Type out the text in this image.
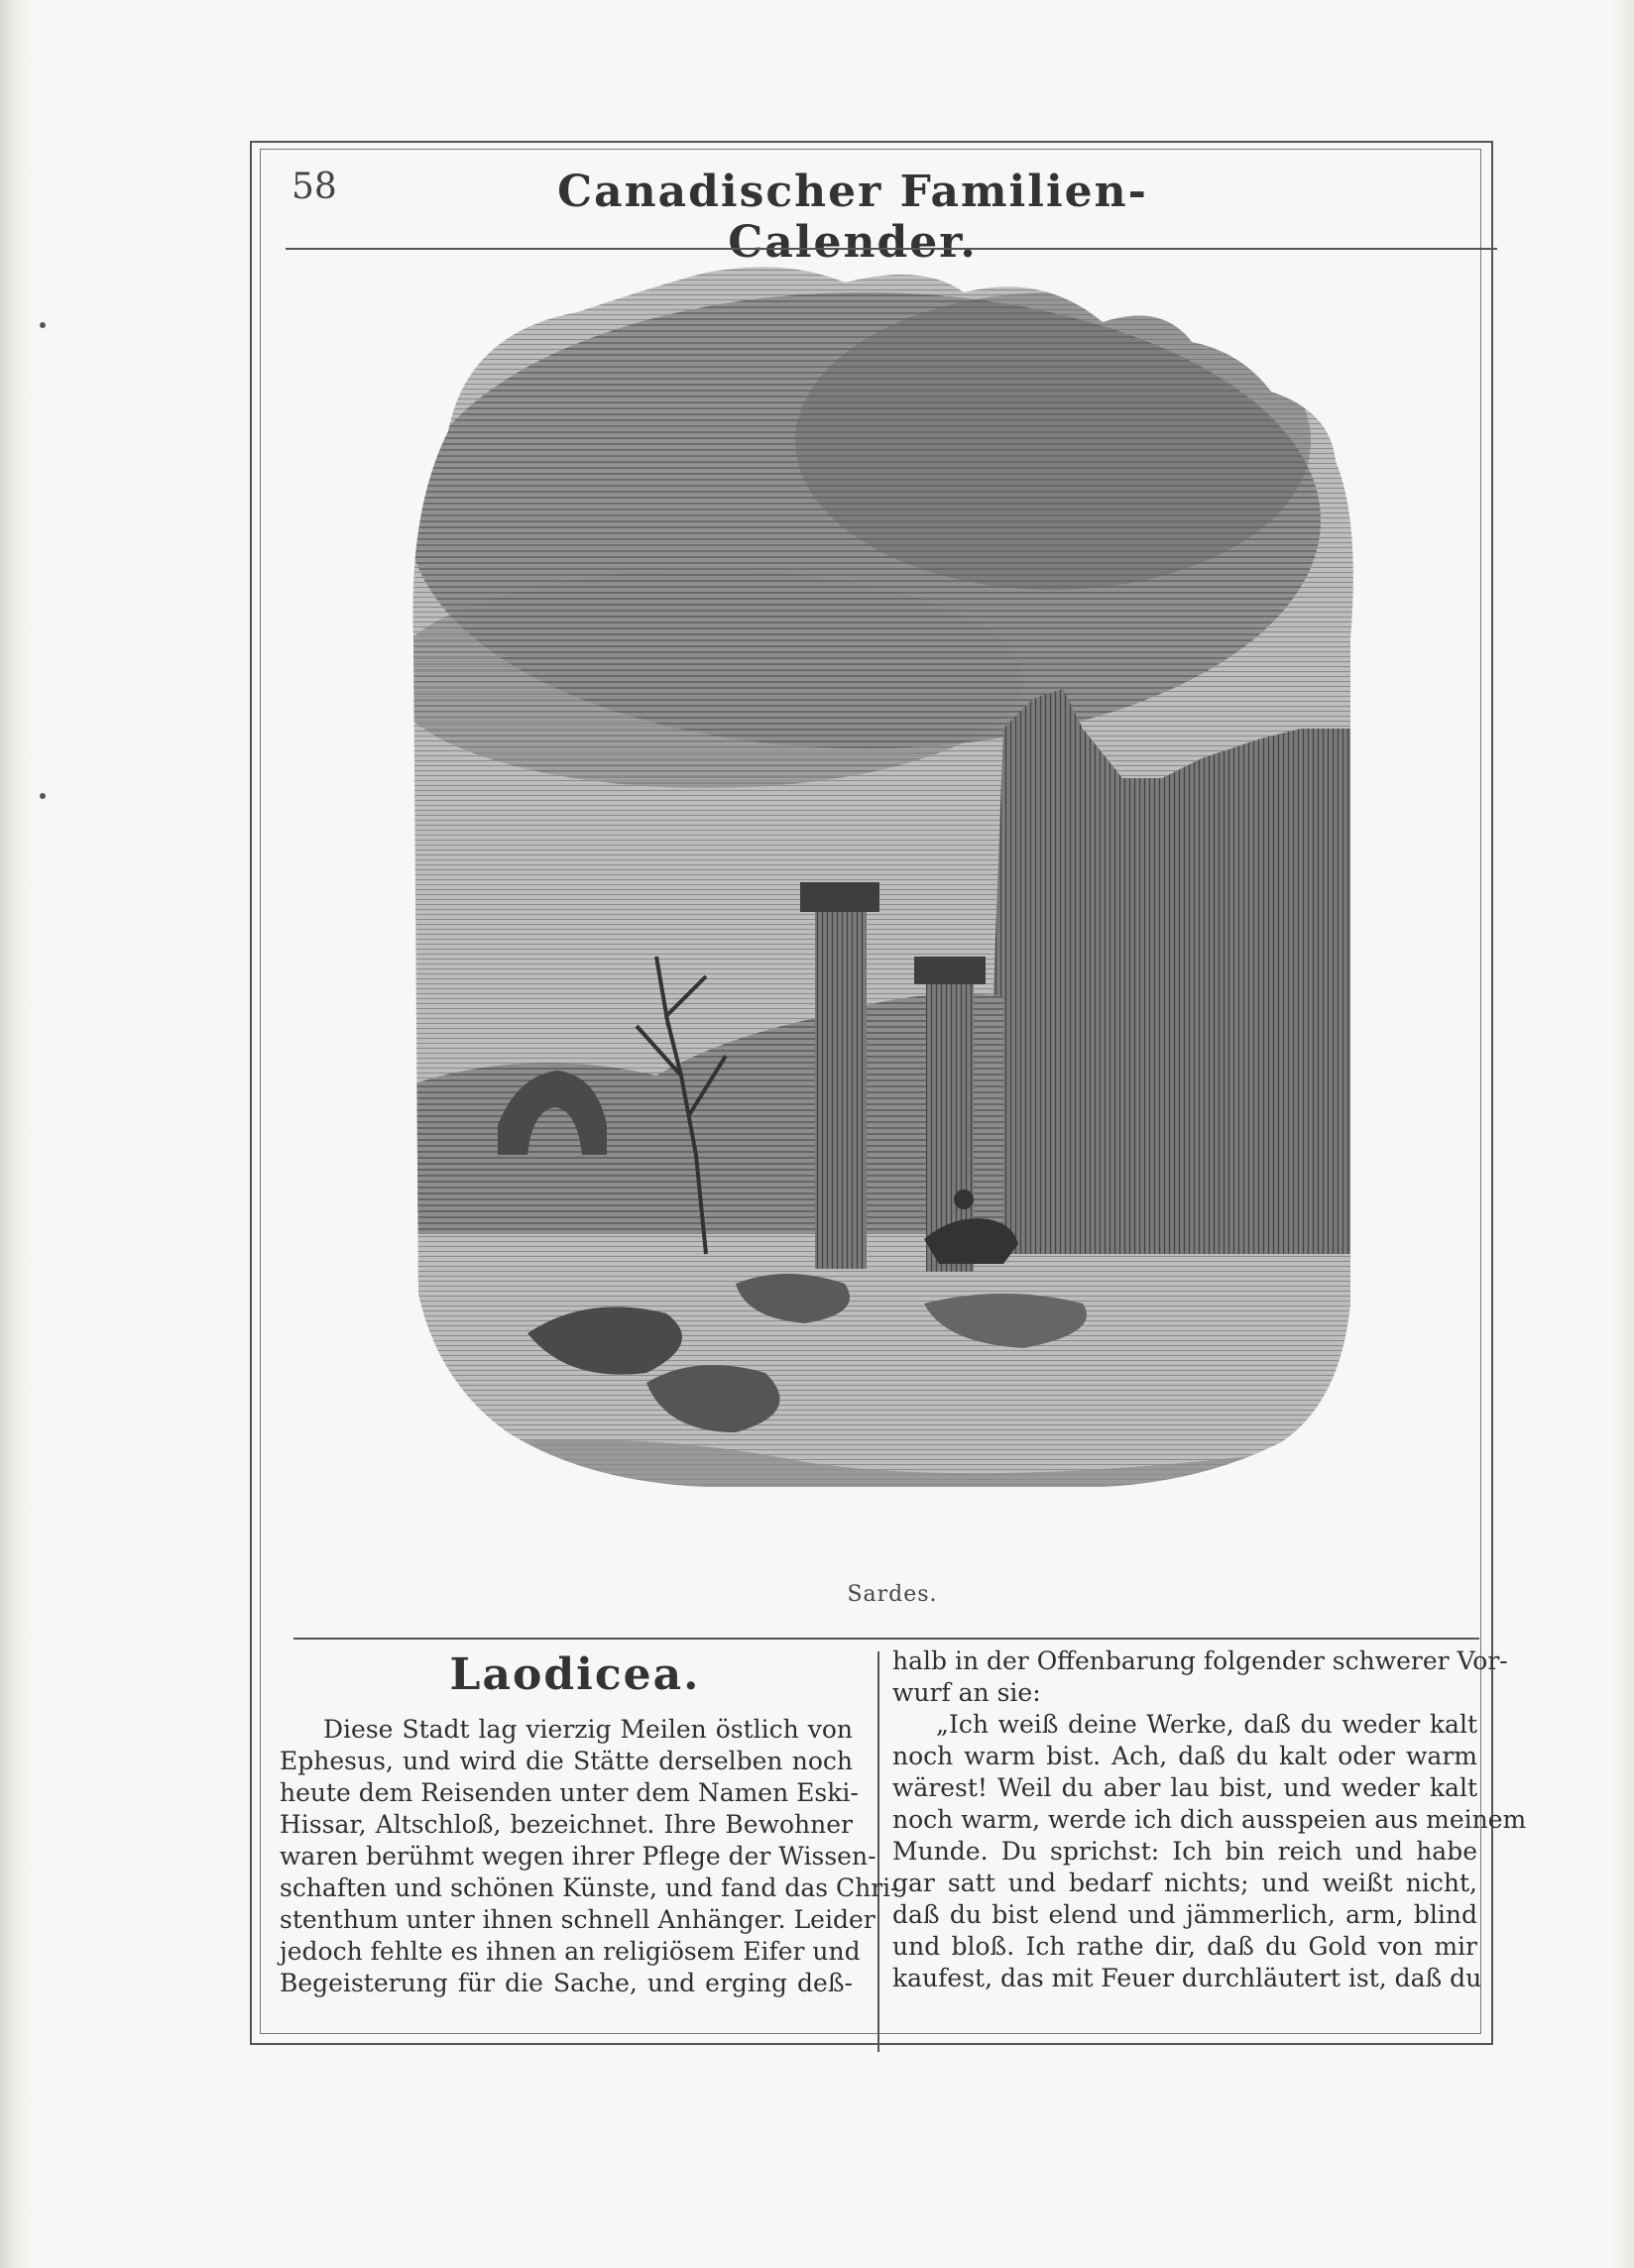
58	Canadischer Familien-Calender.
Sardes.
Laodicea.
Diese Stadt lag vierzig Meilen östlich von
Ephesus, und wird die Stätte derselben noch
heute dem Reisenden unter dem Namen Eski-
Hissar, Altschloß, bezeichnet. Ihre Bewohner
waren berühmt wegen ihrer Pflege der Wissen-
schaften und schönen Künste, und fand das Chri-
stenthum unter ihnen schnell Anhänger. Leider
jedoch fehlte es ihnen an religiösem Eifer und
Begeisterung für die Sache, und erging deß-
halb in der Offenbarung folgender schwerer Vor-
wurf an sie:
„Ich weiß deine Werke, daß du weder kalt
noch warm bist. Ach, daß du kalt oder warm
wärest! Weil du aber lau bist, und weder kalt
noch warm, werde ich dich ausspeien aus meinem
Munde. Du sprichst: Ich bin reich und habe
gar satt und bedarf nichts; und weißt nicht,
daß du bist elend und jämmerlich, arm, blind
und bloß. Ich rathe dir, daß du Gold von mir
kaufest, das mit Feuer durchläutert ist, daß du
